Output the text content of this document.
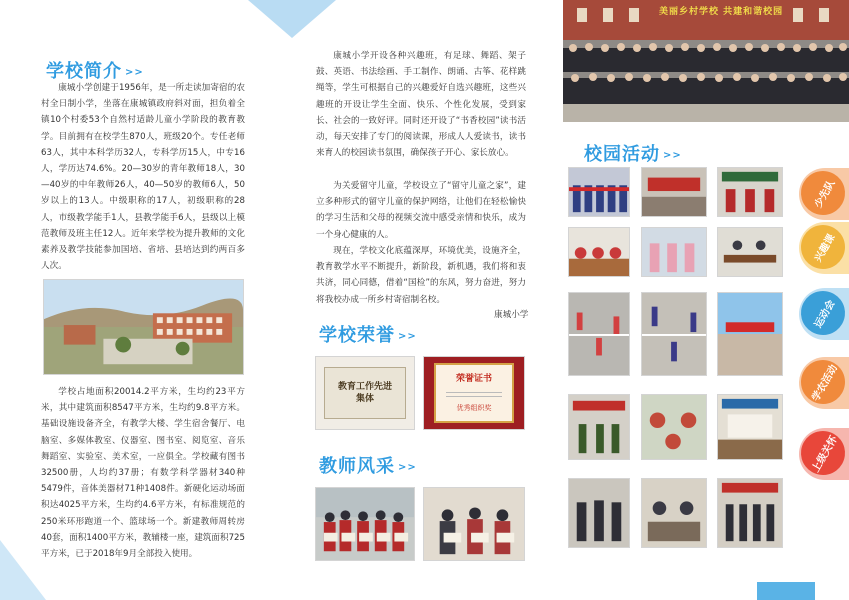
学校简介 >>

康城小学创建于1956年，是一所走读加寄宿的农村全日制小学，坐落在康城镇政府斜对面，担负着全镇10个村委53个自然村适龄儿童小学阶段的教育教学。目前拥有在校学生870人，班级20个。专任老师63人，其中本科学历32人，专科学历15人，中专16人，学历达74.6%。20—30岁的青年教师18人，30—40岁的中年教师26人，40—50岁的教师6人，50岁以上的13人。中级职称的17人，初级职称的28人，市级教学能手1人，县教学能手6人，县级以上模范教师及班主任12人。近年来学校为提升教师的文化素养及教学技能参加国培、省培、县培达到约两百多人次。

学校占地面积20014.2平方米，生均约23平方米，其中建筑面积8547平方米，生均约9.8平方米。基础设施设备齐全，有教学大楼、学生宿舍餐厅、电脑室、多媒体教室、仪器室、图书室、阅览室、音乐舞蹈室、实验室、美术室，一应俱全。学校藏有图书32500册，人均约37册；有数学科学器材340种5479件，音体美器材71种1408件。新硬化运动场面积达4025平方米，生均约4.6平方米，有标准规范的250米环形跑道一个、篮球场一个。新建教师周转房40套，面积1400平方米，教辅楼一座，建筑面积725平方米，已于2018年9月全部投入使用。

康城小学开设各种兴趣班，有足球、舞蹈、架子鼓、英语、书法绘画、手工制作、朗诵、古筝、花样跳绳等，学生可根据自己的兴趣爱好自选兴趣班，这些兴趣班的开设让学生全面、快乐、个性化发展，受到家长、社会的一致好评。同时还开设了“书香校园”读书活动，每天安排了专门的阅读课，形成人人爱读书，读书来育人的校园读书氛围，确保孩子开心、家长放心。

为关爱留守儿童，学校设立了“留守儿童之家”，建立多种形式的留守儿童的保护网络，让他们在轻松愉快的学习生活和父母的视频交流中感受亲情和快乐，成为一个身心健康的人。

现在，学校文化底蕴深厚，环境优美，设施齐全，教育教学水平不断提升，新阶段，新机遇，我们将和衷共济，同心同德，借着“国检”的东风，努力奋进，努力将我校办成一所乡村寄宿制名校。

康城小学
学校荣誉 >>
教育工作先进集体
荣誉证书
优秀组织奖
教师风采 >>
美丽乡村学校 共建和谐校园
校园活动 >>
少先队
兴趣课
运动会
学农活动
上级关怀
